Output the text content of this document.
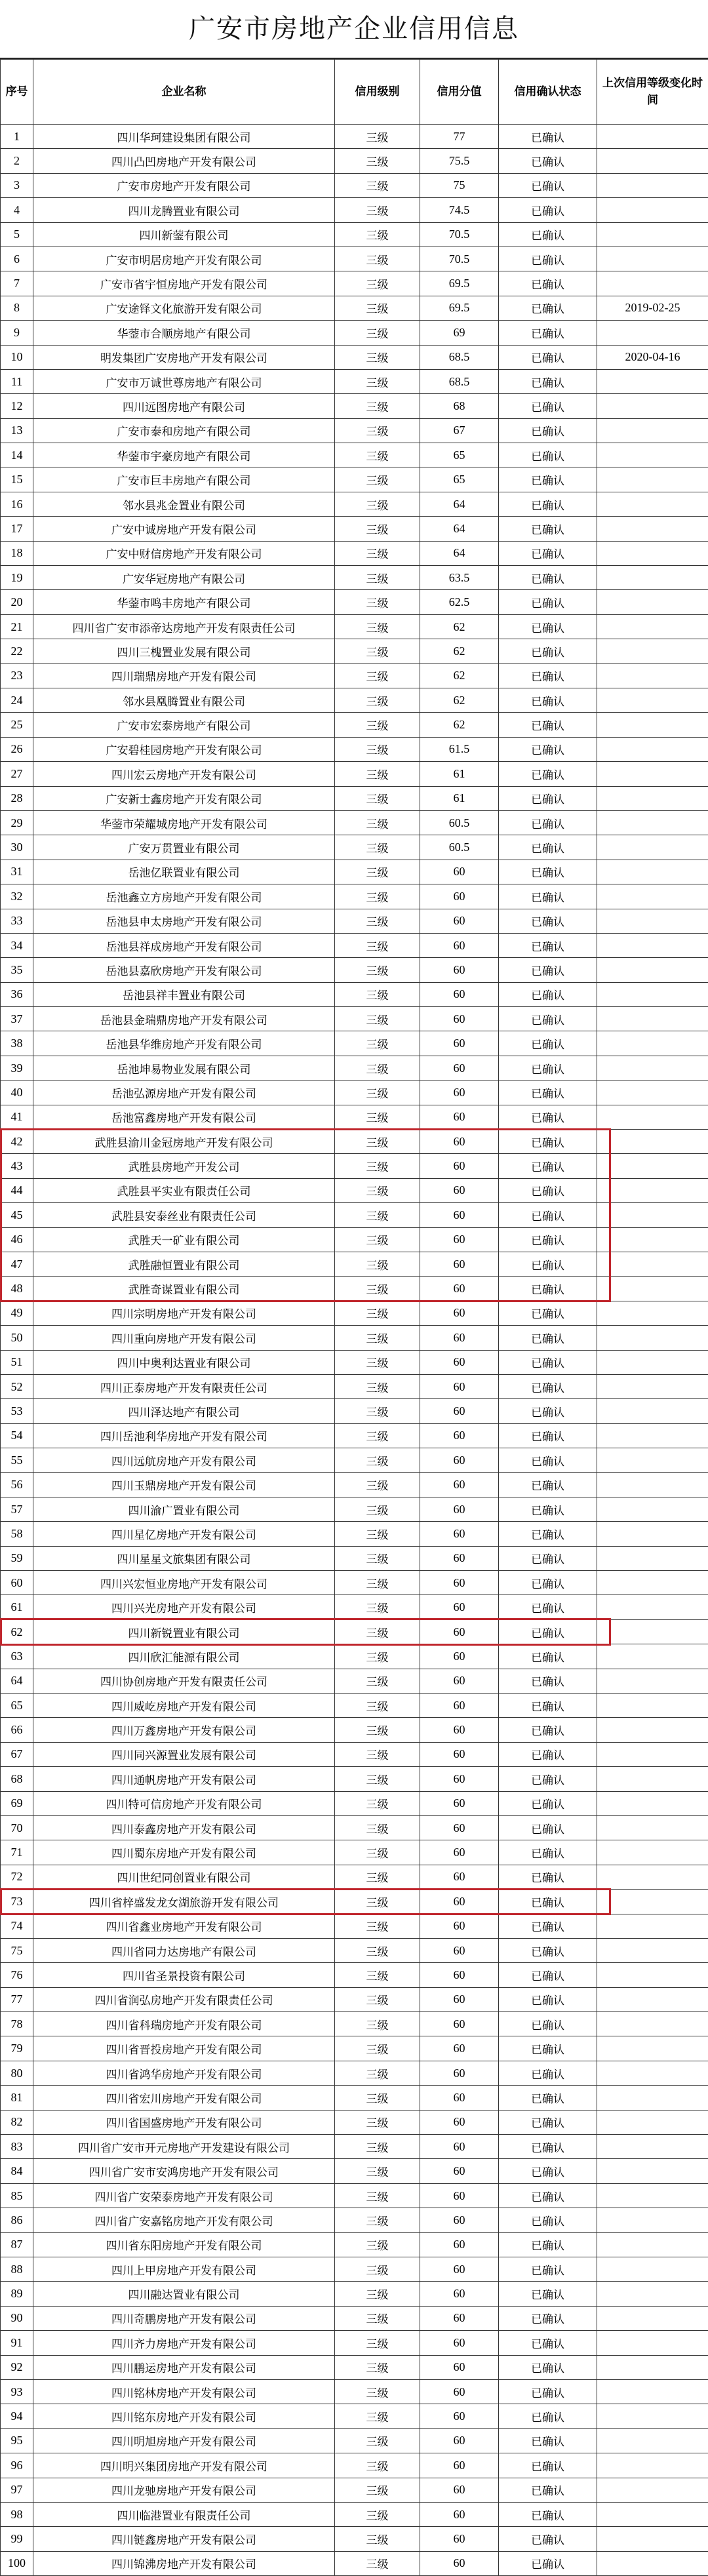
广安市房地产企业信用信息
序号	企业名称	信用级别	信用分值	信用确认状态	上次信用等级变化时间
1	四川华珂建设集团有限公司	三级	77	已确认	
2	四川凸凹房地产开发有限公司	三级	75.5	已确认	
3	广安市房地产开发有限公司	三级	75	已确认	
4	四川龙腾置业有限公司	三级	74.5	已确认	
5	四川新蓥有限公司	三级	70.5	已确认	
6	广安市明居房地产开发有限公司	三级	70.5	已确认	
7	广安市省宇恒房地产开发有限公司	三级	69.5	已确认	
8	广安途铎文化旅游开发有限公司	三级	69.5	已确认	2019-02-25
9	华蓥市合顺房地产有限公司	三级	69	已确认	
10	明发集团广安房地产开发有限公司	三级	68.5	已确认	2020-04-16
11	广安市万诚世尊房地产有限公司	三级	68.5	已确认	
12	四川远图房地产有限公司	三级	68	已确认	
13	广安市泰和房地产有限公司	三级	67	已确认	
14	华蓥市宇豪房地产有限公司	三级	65	已确认	
15	广安市巨丰房地产有限公司	三级	65	已确认	
16	邻水县兆金置业有限公司	三级	64	已确认	
17	广安中诚房地产开发有限公司	三级	64	已确认	
18	广安中财信房地产开发有限公司	三级	64	已确认	
19	广安华冠房地产有限公司	三级	63.5	已确认	
20	华蓥市鸣丰房地产有限公司	三级	62.5	已确认	
21	四川省广安市添帝达房地产开发有限责任公司	三级	62	已确认	
22	四川三槐置业发展有限公司	三级	62	已确认	
23	四川瑞鼎房地产开发有限公司	三级	62	已确认	
24	邻水县凰腾置业有限公司	三级	62	已确认	
25	广安市宏泰房地产有限公司	三级	62	已确认	
26	广安碧桂园房地产开发有限公司	三级	61.5	已确认	
27	四川宏云房地产开发有限公司	三级	61	已确认	
28	广安新士鑫房地产开发有限公司	三级	61	已确认	
29	华蓥市荣耀城房地产开发有限公司	三级	60.5	已确认	
30	广安万贯置业有限公司	三级	60.5	已确认	
31	岳池亿联置业有限公司	三级	60	已确认	
32	岳池鑫立方房地产开发有限公司	三级	60	已确认	
33	岳池县申太房地产开发有限公司	三级	60	已确认	
34	岳池县祥成房地产开发有限公司	三级	60	已确认	
35	岳池县嘉欣房地产开发有限公司	三级	60	已确认	
36	岳池县祥丰置业有限公司	三级	60	已确认	
37	岳池县金瑞鼎房地产开发有限公司	三级	60	已确认	
38	岳池县华维房地产开发有限公司	三级	60	已确认	
39	岳池坤易物业发展有限公司	三级	60	已确认	
40	岳池弘源房地产开发有限公司	三级	60	已确认	
41	岳池富鑫房地产开发有限公司	三级	60	已确认	
42	武胜县渝川金冠房地产开发有限公司	三级	60	已确认	
43	武胜县房地产开发公司	三级	60	已确认	
44	武胜县平实业有限责任公司	三级	60	已确认	
45	武胜县安泰丝业有限责任公司	三级	60	已确认	
46	武胜天一矿业有限公司	三级	60	已确认	
47	武胜融恒置业有限公司	三级	60	已确认	
48	武胜奇谋置业有限公司	三级	60	已确认	
49	四川宗明房地产开发有限公司	三级	60	已确认	
50	四川重向房地产开发有限公司	三级	60	已确认	
51	四川中奥利达置业有限公司	三级	60	已确认	
52	四川正泰房地产开发有限责任公司	三级	60	已确认	
53	四川泽达地产有限公司	三级	60	已确认	
54	四川岳池利华房地产开发有限公司	三级	60	已确认	
55	四川远航房地产开发有限公司	三级	60	已确认	
56	四川玉鼎房地产开发有限公司	三级	60	已确认	
57	四川渝广置业有限公司	三级	60	已确认	
58	四川星亿房地产开发有限公司	三级	60	已确认	
59	四川星星文旅集团有限公司	三级	60	已确认	
60	四川兴宏恒业房地产开发有限公司	三级	60	已确认	
61	四川兴光房地产开发有限公司	三级	60	已确认	
62	四川新锐置业有限公司	三级	60	已确认	
63	四川欣汇能源有限公司	三级	60	已确认	
64	四川协创房地产开发有限责任公司	三级	60	已确认	
65	四川威屹房地产开发有限公司	三级	60	已确认	
66	四川万鑫房地产开发有限公司	三级	60	已确认	
67	四川同兴源置业发展有限公司	三级	60	已确认	
68	四川通帆房地产开发有限公司	三级	60	已确认	
69	四川特可信房地产开发有限公司	三级	60	已确认	
70	四川泰鑫房地产开发有限公司	三级	60	已确认	
71	四川蜀东房地产开发有限公司	三级	60	已确认	
72	四川世纪同创置业有限公司	三级	60	已确认	
73	四川省梓盛发龙女湖旅游开发有限公司	三级	60	已确认	
74	四川省鑫业房地产开发有限公司	三级	60	已确认	
75	四川省同力达房地产有限公司	三级	60	已确认	
76	四川省圣景投资有限公司	三级	60	已确认	
77	四川省润弘房地产开发有限责任公司	三级	60	已确认	
78	四川省科瑞房地产开发有限公司	三级	60	已确认	
79	四川省晋投房地产开发有限公司	三级	60	已确认	
80	四川省鸿华房地产开发有限公司	三级	60	已确认	
81	四川省宏川房地产开发有限公司	三级	60	已确认	
82	四川省国盛房地产开发有限公司	三级	60	已确认	
83	四川省广安市开元房地产开发建设有限公司	三级	60	已确认	
84	四川省广安市安鸿房地产开发有限公司	三级	60	已确认	
85	四川省广安荣泰房地产开发有限公司	三级	60	已确认	
86	四川省广安嘉铭房地产开发有限公司	三级	60	已确认	
87	四川省东阳房地产开发有限公司	三级	60	已确认	
88	四川上甲房地产开发有限公司	三级	60	已确认	
89	四川融达置业有限公司	三级	60	已确认	
90	四川奇鹏房地产开发有限公司	三级	60	已确认	
91	四川齐力房地产开发有限公司	三级	60	已确认	
92	四川鹏运房地产开发有限公司	三级	60	已确认	
93	四川铭林房地产开发有限公司	三级	60	已确认	
94	四川铭东房地产开发有限公司	三级	60	已确认	
95	四川明旭房地产开发有限公司	三级	60	已确认	
96	四川明兴集团房地产开发有限公司	三级	60	已确认	
97	四川龙驰房地产开发有限公司	三级	60	已确认	
98	四川临港置业有限责任公司	三级	60	已确认	
99	四川链鑫房地产开发有限公司	三级	60	已确认	
100	四川锦沸房地产开发有限公司	三级	60	已确认	
